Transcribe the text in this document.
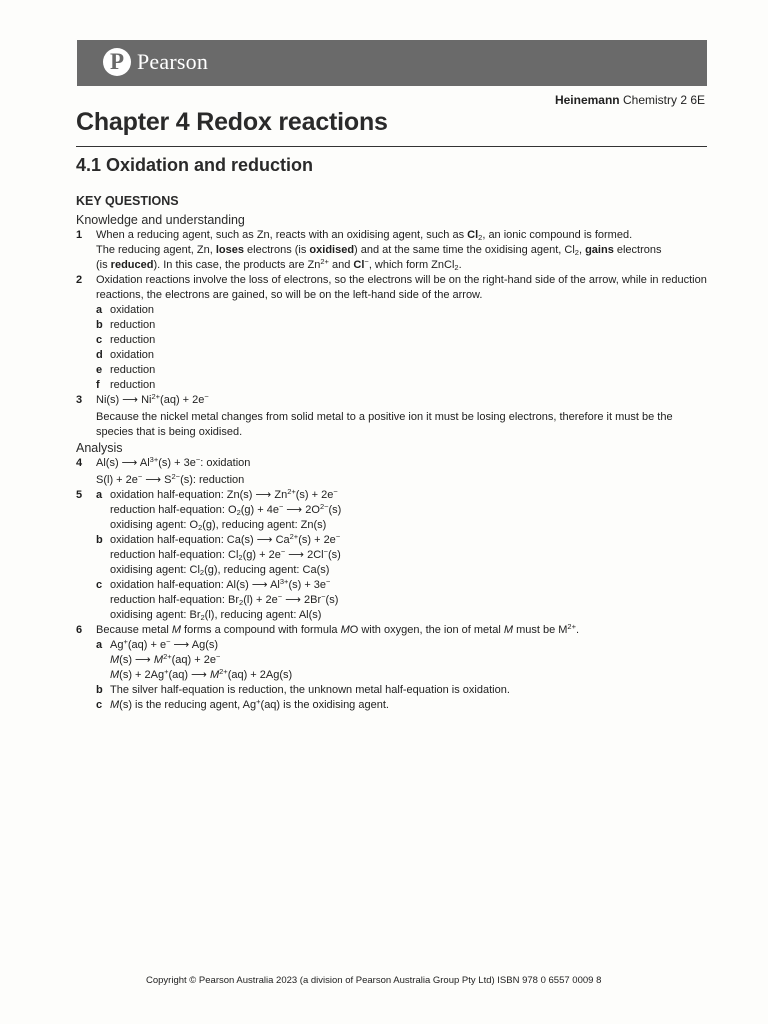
P Pearson
Heinemann Chemistry 2 6E
Chapter 4 Redox reactions
4.1 Oxidation and reduction
KEY QUESTIONS
Knowledge and understanding
1	When a reducing agent, such as Zn, reacts with an oxidising agent, such as $Cl_2$, an ionic compound is formed.
The reducing agent, Zn, loses electrons (is oxidised) and at the same time the oxidising agent, $Cl_2$, gains electrons
(is reduced). In this case, the products are $Zn^{2+}$ and Cl−, which form ZnCl$_2$.
2	Oxidation reactions involve the loss of electrons, so the electrons will be on the right-hand side of the arrow, while in reduction reactions, the electrons are gained, so will be on the left-hand side of the arrow.
a oxidation
b reduction
c reduction
d oxidation
e reduction
f reduction
3	Ni(s) ⟶ $Ni^{2+}(aq) + 2e^-$
Because the nickel metal changes from solid metal to a positive ion it must be losing electrons, therefore it must be the species that is being oxidised.
Analysis
4	Al(s) ⟶ $Al^{3+}(s) + 3e^-$: oxidation
S(l) + 2e− ⟶ $S^{2-}(s)$: reduction
5	a oxidation half-equation: Zn(s) ⟶ $Zn^{2+}(s) + 2e^-$
reduction half-equation: $O_2(g) + 4e^-$ ⟶ $2O^{2-}(s)$
oxidising agent: $O_2(g)$, reducing agent: Zn(s)
b oxidation half-equation: Ca(s) ⟶ $Ca^{2+}(s) + 2e^-$
reduction half-equation: $Cl_2(g) + 2e^-$ ⟶ 2Cl−(s)
oxidising agent: $Cl_2(g)$, reducing agent: Ca(s)
c oxidation half-equation: Al(s) ⟶ $Al^{3+}(s) + 3e^-$
reduction half-equation: $Br_2(l) + 2e^-$ ⟶ 2Br−(s)
oxidising agent: $Br_2(l)$, reducing agent: Al(s)
6	Because metal M forms a compound with formula MO with oxygen, the ion of metal M must be $M^{2+}$.
a Ag+(aq) + e− ⟶ Ag(s)
M(s) ⟶ $M^{2+}(aq) + 2e^-$
M(s) + 2Ag+(aq) ⟶ $M^{2+}(aq) + 2Ag(s)$
b The silver half-equation is reduction, the unknown metal half-equation is oxidation.
c M(s) is the reducing agent, Ag+(aq) is the oxidising agent.
Copyright © Pearson Australia 2023 (a division of Pearson Australia Group Pty Ltd) ISBN 978 0 6557 0009 8
